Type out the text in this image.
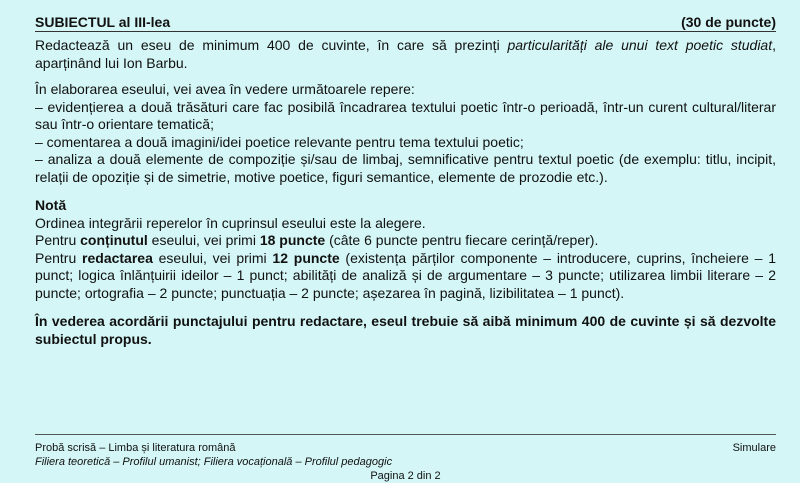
SUBIECTUL al III-lea	(30 de puncte)

Redactează un eseu de minimum 400 de cuvinte, în care să prezinți particularități ale unui text poetic studiat, aparținând lui Ion Barbu.

În elaborarea eseului, vei avea în vedere următoarele repere:

– evidențierea a două trăsături care fac posibilă încadrarea textului poetic într-o perioadă, într-un curent cultural/literar sau într-o orientare tematică;

– comentarea a două imagini/idei poetice relevante pentru tema textului poetic;

– analiza a două elemente de compoziție și/sau de limbaj, semnificative pentru textul poetic (de exemplu: titlu, incipit, relații de opoziție și de simetrie, motive poetice, figuri semantice, elemente de prozodie etc.).

Notă

Ordinea integrării reperelor în cuprinsul eseului este la alegere.

Pentru conținutul eseului, vei primi 18 puncte (câte 6 puncte pentru fiecare cerință/reper).

Pentru redactarea eseului, vei primi 12 puncte (existența părților componente – introducere, cuprins, încheiere – 1 punct; logica înlănțuirii ideilor – 1 punct; abilități de analiză și de argumentare – 3 puncte; utilizarea limbii literare – 2 puncte; ortografia – 2 puncte; punctuația – 2 puncte; așezarea în pagină, lizibilitatea – 1 punct).

În vederea acordării punctajului pentru redactare, eseul trebuie să aibă minimum 400 de cuvinte și să dezvolte subiectul propus.

Probă scrisă – Limba și literatura română	Simulare
Filiera teoretică – Profilul umanist; Filiera vocațională – Profilul pedagogic
Pagina 2 din 2
